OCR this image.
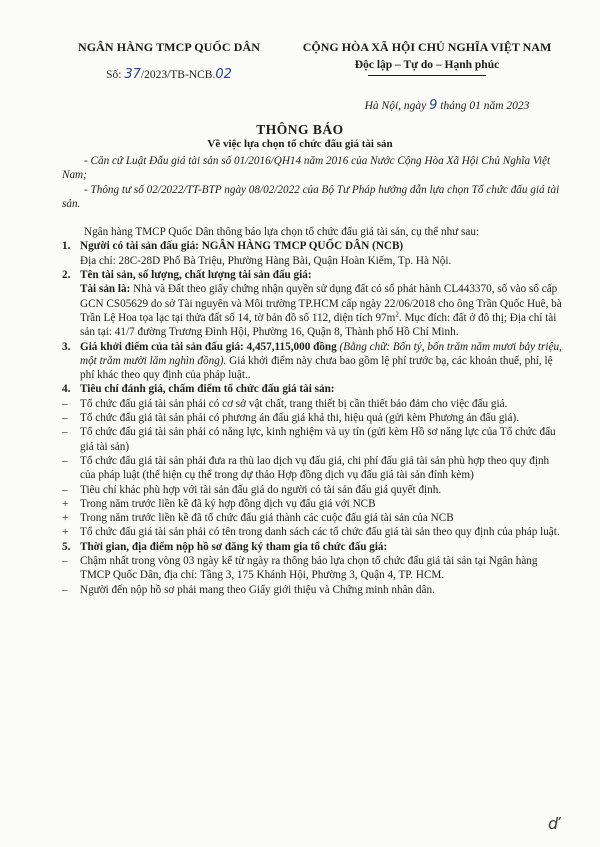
NGÂN HÀNG TMCP QUỐC DÂN
Số: 37/2023/TB-NCB.02
CỘNG HÒA XÃ HỘI CHỦ NGHĨA VIỆT NAM
Độc lập – Tự do – Hạnh phúc
Hà Nội, ngày 9 tháng 01 năm 2023
THÔNG BÁO
Về việc lựa chọn tổ chức đấu giá tài sản

- Căn cứ Luật Đấu giá tài sản số 01/2016/QH14 năm 2016 của Nước Cộng Hòa Xã Hội Chủ Nghĩa Việt Nam;

- Thông tư số 02/2022/TT-BTP ngày 08/02/2022 của Bộ Tư Pháp hướng dẫn lựa chọn Tổ chức đấu giá tài sản.

Ngân hàng TMCP Quốc Dân thông báo lựa chọn tổ chức đấu giá tài sản, cụ thể như sau:

1. Người có tài sản đấu giá: NGÂN HÀNG TMCP QUỐC DÂN (NCB)

Địa chỉ: 28C-28D Phố Bà Triệu, Phường Hàng Bài, Quận Hoàn Kiếm, Tp. Hà Nội.

2. Tên tài sản, số lượng, chất lượng tài sản đấu giá:

Tài sản là: Nhà và Đất theo giấy chứng nhận quyền sử dụng đất có số phát hành CL443370, số vào sổ cấp GCN CS05629 do sở Tài nguyên và Môi trường TP.HCM cấp ngày 22/06/2018 cho ông Trần Quốc Huê, bà Trần Lệ Hoa tọa lạc tại thửa đất số 14, tờ bản đồ số 112, diện tích $97m^2$. Mục đích: đất ở đô thị; Địa chỉ tài sản tại: 41/7 đường Trương Đình Hội, Phường 16, Quận 8, Thành phố Hồ Chí Minh.

3. Giá khởi điểm của tài sản đấu giá: 4,457,115,000 đồng (Bằng chữ: Bốn tỷ, bốn trăm năm mươi bảy triệu, một trăm mười lăm nghìn đồng). Giá khởi điểm này chưa bao gồm lệ phí trước bạ, các khoản thuế, phí, lệ phí khác theo quy định của pháp luật..
4. Tiêu chí đánh giá, chấm điểm tổ chức đấu giá tài sản:
–	Tổ chức đấu giá tài sản phải có cơ sở vật chất, trang thiết bị cần thiết bảo đảm cho việc đấu giá.
–	Tổ chức đấu giá tài sản phải có phương án đấu giá khả thi, hiệu quả (gửi kèm Phương án đấu giá).
–	Tổ chức đấu giá tài sản phải có năng lực, kinh nghiệm và uy tín (gửi kèm Hồ sơ năng lực của Tổ chức đấu giá tài sản)
–	Tổ chức đấu giá tài sản phải đưa ra thù lao dịch vụ đấu giá, chi phí đấu giá tài sản phù hợp theo quy định của pháp luật (thể hiện cụ thể trong dự thảo Hợp đồng dịch vụ đấu giá tài sản đính kèm)
–	Tiêu chí khác phù hợp với tài sản đấu giá do người có tài sản đấu giá quyết định.
+	Trong năm trước liền kề đã ký hợp đồng dịch vụ đấu giá với NCB
+	Trong năm trước liền kề đã tổ chức đấu giá thành các cuộc đấu giá tài sản của NCB
+	Tổ chức đấu giá tài sản phải có tên trong danh sách các tổ chức đấu giá tài sản theo quy định của pháp luật.
5. Thời gian, địa điểm nộp hồ sơ đăng ký tham gia tổ chức đấu giá:
–	Chậm nhất trong vòng 03 ngày kể từ ngày ra thông báo lựa chọn tổ chức đấu giá tài sản tại Ngân hàng TMCP Quốc Dân, địa chỉ: Tầng 3, 175 Khánh Hội, Phường 3, Quận 4, TP. HCM.
–	Người đến nộp hồ sơ phải mang theo Giấy giới thiệu và Chứng minh nhân dân.
ď
